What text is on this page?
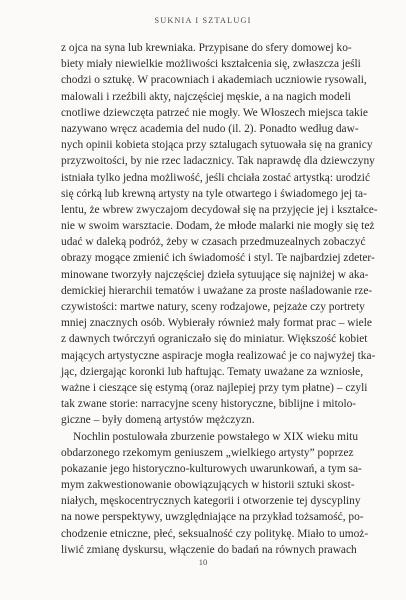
SUKNIA I SZTALUGI
z ojca na syna lub krewniaka. Przypisane do sfery domowej ko-
biety miały niewielkie możliwości kształcenia się, zwłaszcza jeśli
chodzi o sztukę. W pracowniach i akademiach uczniowie rysowali,
malowali i rzeźbili akty, najczęściej męskie, a na nagich modeli
cnotliwe dziewczęta patrzeć nie mogły. We Włoszech miejsca takie
nazywano wręcz academia del nudo (il. 2). Ponadto według daw-
nych opinii kobieta stojąca przy sztalugach sytuowała się na granicy
przyzwoitości, by nie rzec ladacznicy. Tak naprawdę dla dziewczyny
istniała tylko jedna możliwość, jeśli chciała zostać artystką: urodzić
się córką lub krewną artysty na tyle otwartego i świadomego jej ta-
lentu, że wbrew zwyczajom decydował się na przyjęcie jej i kształce-
nie w swoim warsztacie. Dodam, że młode malarki nie mogły się też
udać w daleką podróż, żeby w czasach przedmuzealnych zobaczyć
obrazy mogące zmienić ich świadomość i styl. Te najbardziej zdeter-
minowane tworzyły najczęściej dzieła sytuujące się najniżej w aka-
demickiej hierarchii tematów i uważane za proste naśladowanie rze-
czywistości: martwe natury, sceny rodzajowe, pejzaże czy portrety
mniej znacznych osób. Wybierały również mały format prac – wiele
z dawnych twórczyń ograniczało się do miniatur. Większość kobiet
mających artystyczne aspiracje mogła realizować je co najwyżej tka-
jąc, dziergając koronki lub haftując. Tematy uważane za wzniosłe,
ważne i cieszące się estymą (oraz najlepiej przy tym płatne) – czyli
tak zwane storie: narracyjne sceny historyczne, biblijne i mitolo-
giczne – były domeną artystów mężczyzn.
Nochlin postulowała zburzenie powstałego w XIX wieku mitu
obdarzonego rzekomym geniuszem „wielkiego artysty” poprzez
pokazanie jego historyczno-kulturowych uwarunkowań, a tym sa-
mym zakwestionowanie obowiązujących w historii sztuki skost-
niałych, męskocentrycznych kategorii i otworzenie tej dyscypliny
na nowe perspektywy, uwzględniające na przykład tożsamość, po-
chodzenie etniczne, płeć, seksualność czy politykę. Miało to umoż-
liwić zmianę dyskursu, włączenie do badań na równych prawach
10
